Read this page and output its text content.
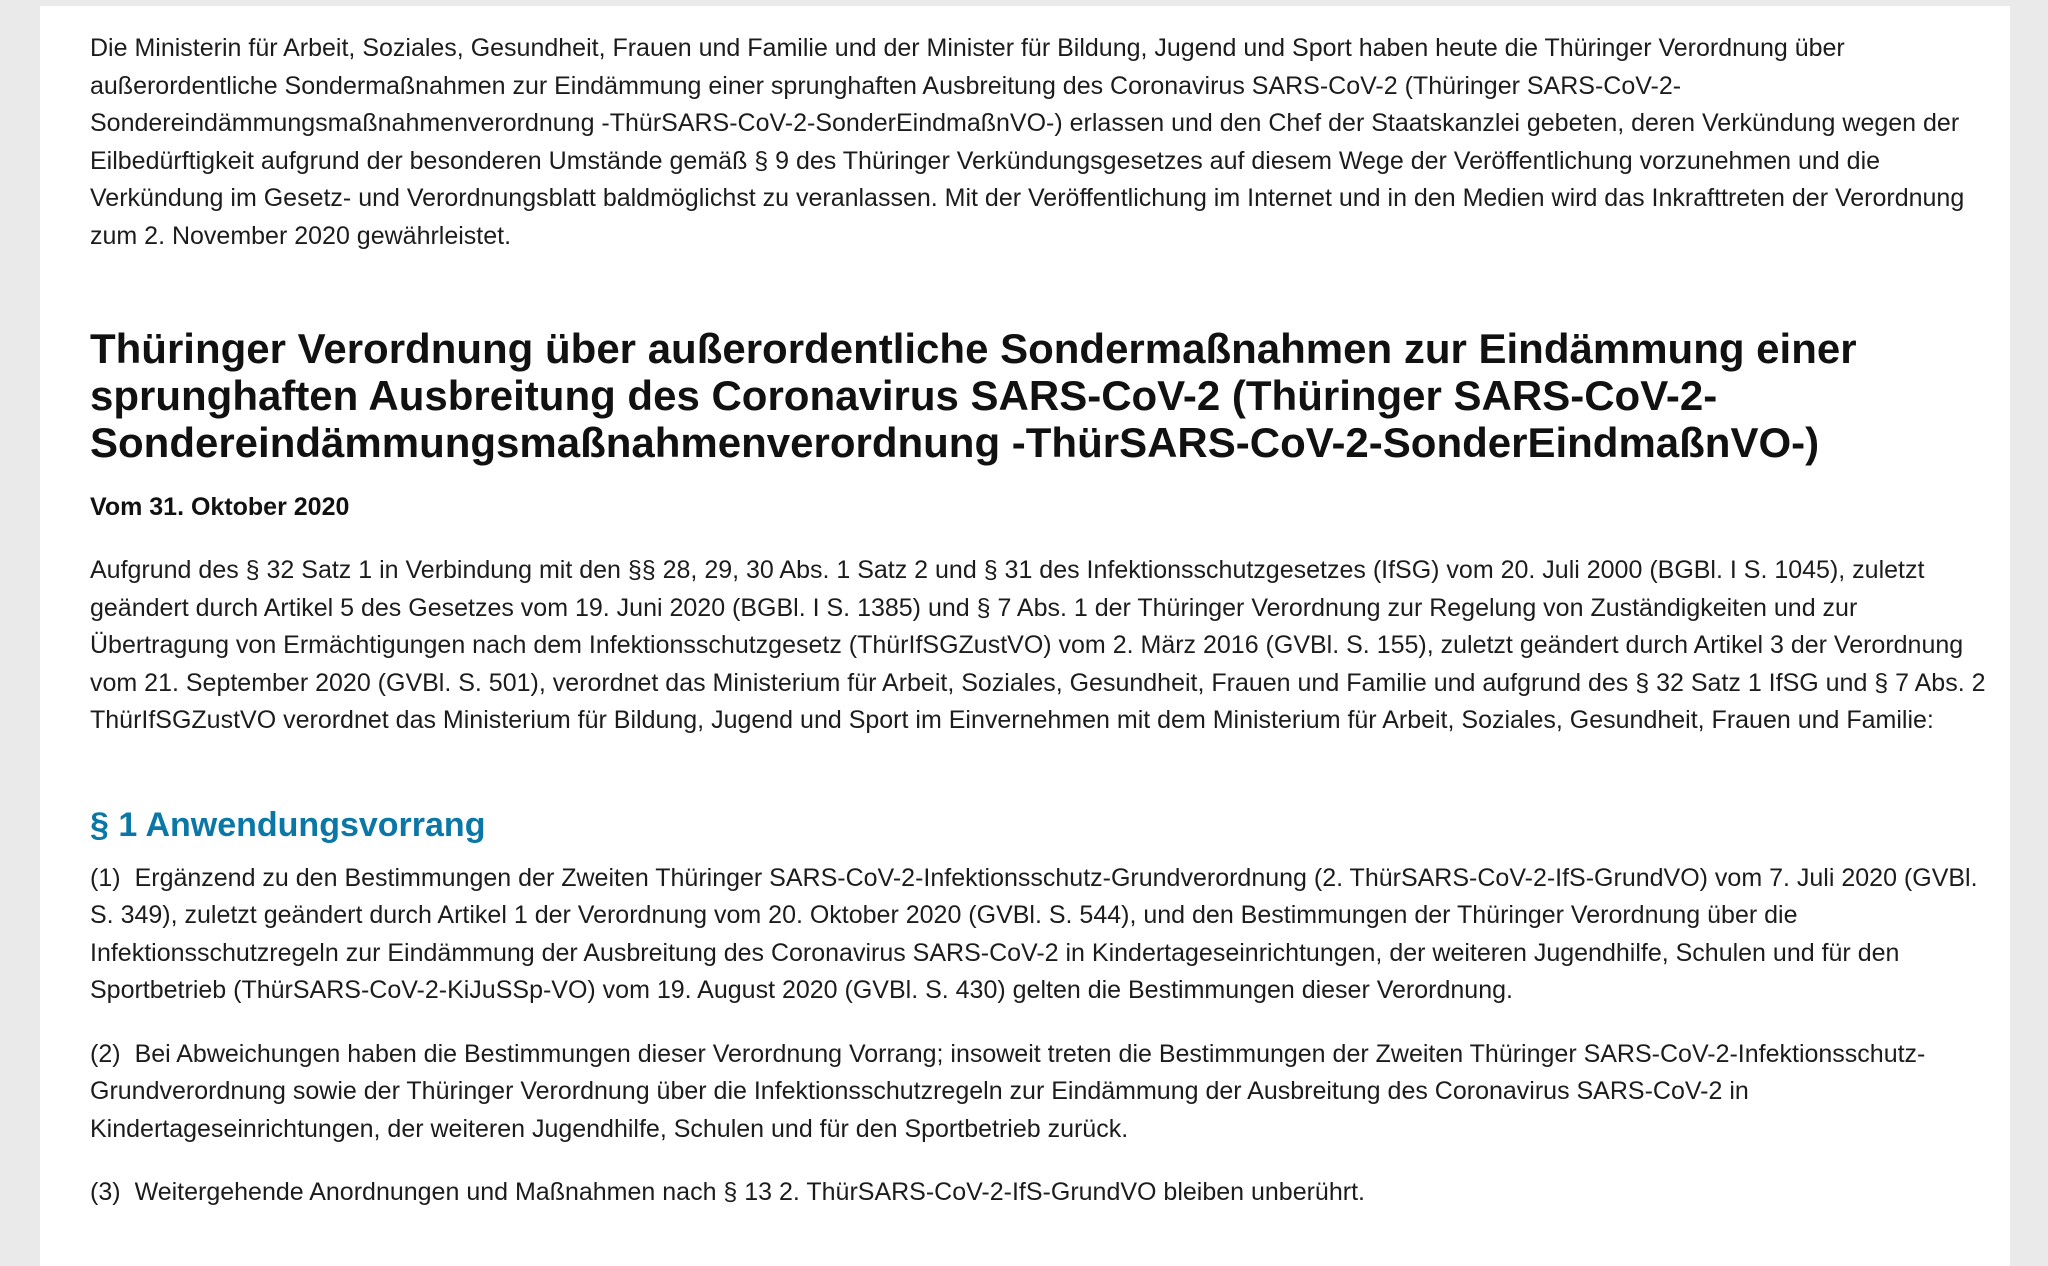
Die Ministerin für Arbeit, Soziales, Gesundheit, Frauen und Familie und der Minister für Bildung, Jugend und Sport haben heute die Thüringer Verordnung über außerordentliche Sondermaßnahmen zur Eindämmung einer sprunghaften Ausbreitung des Coronavirus SARS-CoV-2 (Thüringer SARS-CoV-2-Sondereindämmungsmaßnahmenverordnung -ThürSARS-CoV-2-SonderEindmaßnVO-) erlassen und den Chef der Staatskanzlei gebeten, deren Verkündung wegen der Eilbedürftigkeit aufgrund der besonderen Umstände gemäß § 9 des Thüringer Verkündungsgesetzes auf diesem Wege der Veröffentlichung vorzunehmen und die Verkündung im Gesetz- und Verordnungsblatt baldmöglichst zu veranlassen. Mit der Veröffentlichung im Internet und in den Medien wird das Inkrafttreten der Verordnung zum 2. November 2020 gewährleistet.

Thüringer Verordnung über außerordentliche Sondermaßnahmen zur Eindämmung einer sprunghaften Ausbreitung des Coronavirus SARS-CoV-2 (Thüringer SARS-CoV-2-Sondereindämmungsmaßnahmenverordnung -ThürSARS-CoV-2-SonderEindmaßnVO-)

Vom 31. Oktober 2020

Aufgrund des § 32 Satz 1 in Verbindung mit den §§ 28, 29, 30 Abs. 1 Satz 2 und § 31 des Infektionsschutzgesetzes (IfSG) vom 20. Juli 2000 (BGBl. I S. 1045), zuletzt geändert durch Artikel 5 des Gesetzes vom 19. Juni 2020 (BGBl. I S. 1385) und § 7 Abs. 1 der Thüringer Verordnung zur Regelung von Zuständigkeiten und zur Übertragung von Ermächtigungen nach dem Infektionsschutzgesetz (ThürIfSGZustVO) vom 2. März 2016 (GVBl. S. 155), zuletzt geändert durch Artikel 3 der Verordnung vom 21. September 2020 (GVBl. S. 501), verordnet das Ministerium für Arbeit, Soziales, Gesundheit, Frauen und Familie und aufgrund des § 32 Satz 1 IfSG und § 7 Abs. 2 ThürIfSGZustVO verordnet das Ministerium für Bildung, Jugend und Sport im Einvernehmen mit dem Ministerium für Arbeit, Soziales, Gesundheit, Frauen und Familie:

§ 1 Anwendungsvorrang

(1) Ergänzend zu den Bestimmungen der Zweiten Thüringer SARS-CoV-2-Infektionsschutz-Grundverordnung (2. ThürSARS-CoV-2-IfS-GrundVO) vom 7. Juli 2020 (GVBl. S. 349), zuletzt geändert durch Artikel 1 der Verordnung vom 20. Oktober 2020 (GVBl. S. 544), und den Bestimmungen der Thüringer Verordnung über die Infektionsschutzregeln zur Eindämmung der Ausbreitung des Coronavirus SARS-CoV-2 in Kindertageseinrichtungen, der weiteren Jugendhilfe, Schulen und für den Sportbetrieb (ThürSARS-CoV-2-KiJuSSp-VO) vom 19. August 2020 (GVBl. S. 430) gelten die Bestimmungen dieser Verordnung.

(2) Bei Abweichungen haben die Bestimmungen dieser Verordnung Vorrang; insoweit treten die Bestimmungen der Zweiten Thüringer SARS-CoV-2-Infektionsschutz-Grundverordnung sowie der Thüringer Verordnung über die Infektionsschutzregeln zur Eindämmung der Ausbreitung des Coronavirus SARS-CoV-2 in Kindertageseinrichtungen, der weiteren Jugendhilfe, Schulen und für den Sportbetrieb zurück.

(3) Weitergehende Anordnungen und Maßnahmen nach § 13 2. ThürSARS-CoV-2-IfS-GrundVO bleiben unberührt.
